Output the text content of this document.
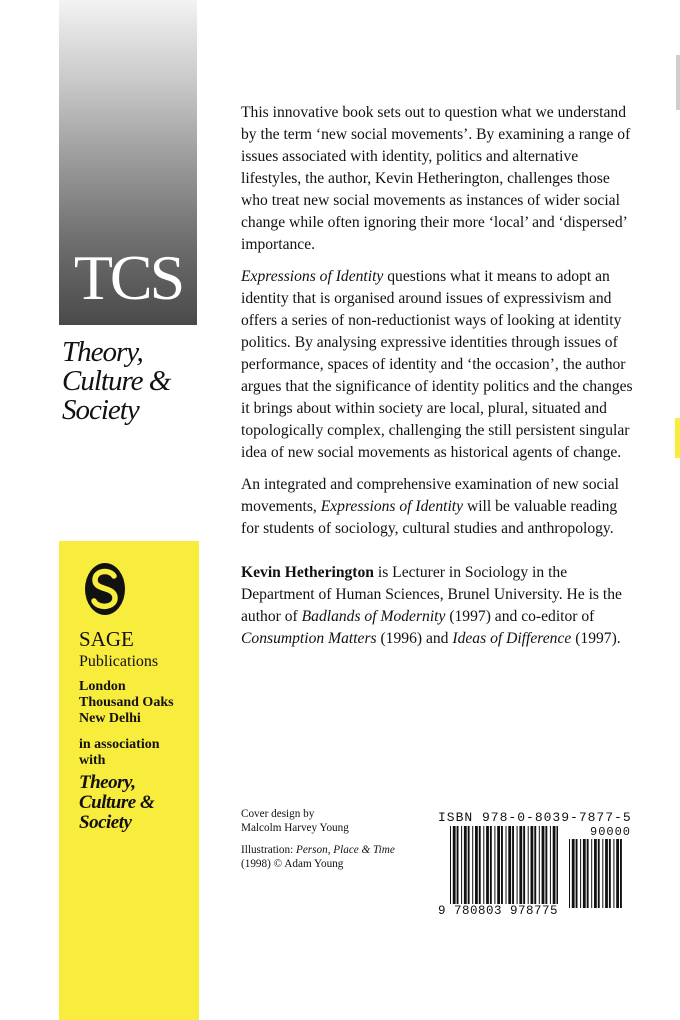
TCS
Theory,
Culture &
Society
SAGE
Publications
London
Thousand Oaks
New Delhi
in association
with
Theory,
Culture &
Society

This innovative book sets out to question what we understand by the term ‘new social movements’. By examining a range of issues associated with identity, politics and alternative lifestyles, the author, Kevin Hetherington, challenges those who treat new social movements as instances of wider social change while often ignoring their more ‘local’ and ‘dispersed’ importance.

Expressions of Identity questions what it means to adopt an identity that is organised around issues of expressivism and offers a series of non-reductionist ways of looking at identity politics. By analysing expressive identities through issues of performance, spaces of identity and ‘the occasion’, the author argues that the significance of identity politics and the changes it brings about within society are local, plural, situated and topologically complex, challenging the still persistent singular idea of new social movements as historical agents of change.

An integrated and comprehensive examination of new social movements, Expressions of Identity will be valuable reading for students of sociology, cultural studies and anthropology.

Kevin Hetherington is Lecturer in Sociology in the Department of Human Sciences, Brunel University. He is the author of Badlands of Modernity (1997) and co-editor of Consumption Matters (1996) and Ideas of Difference (1997).

Cover design by
Malcolm Harvey Young

Illustration: Person, Place & Time
(1998) © Adam Young

ISBN 978-0-8039-7877-5
90000
9 780803 978775
